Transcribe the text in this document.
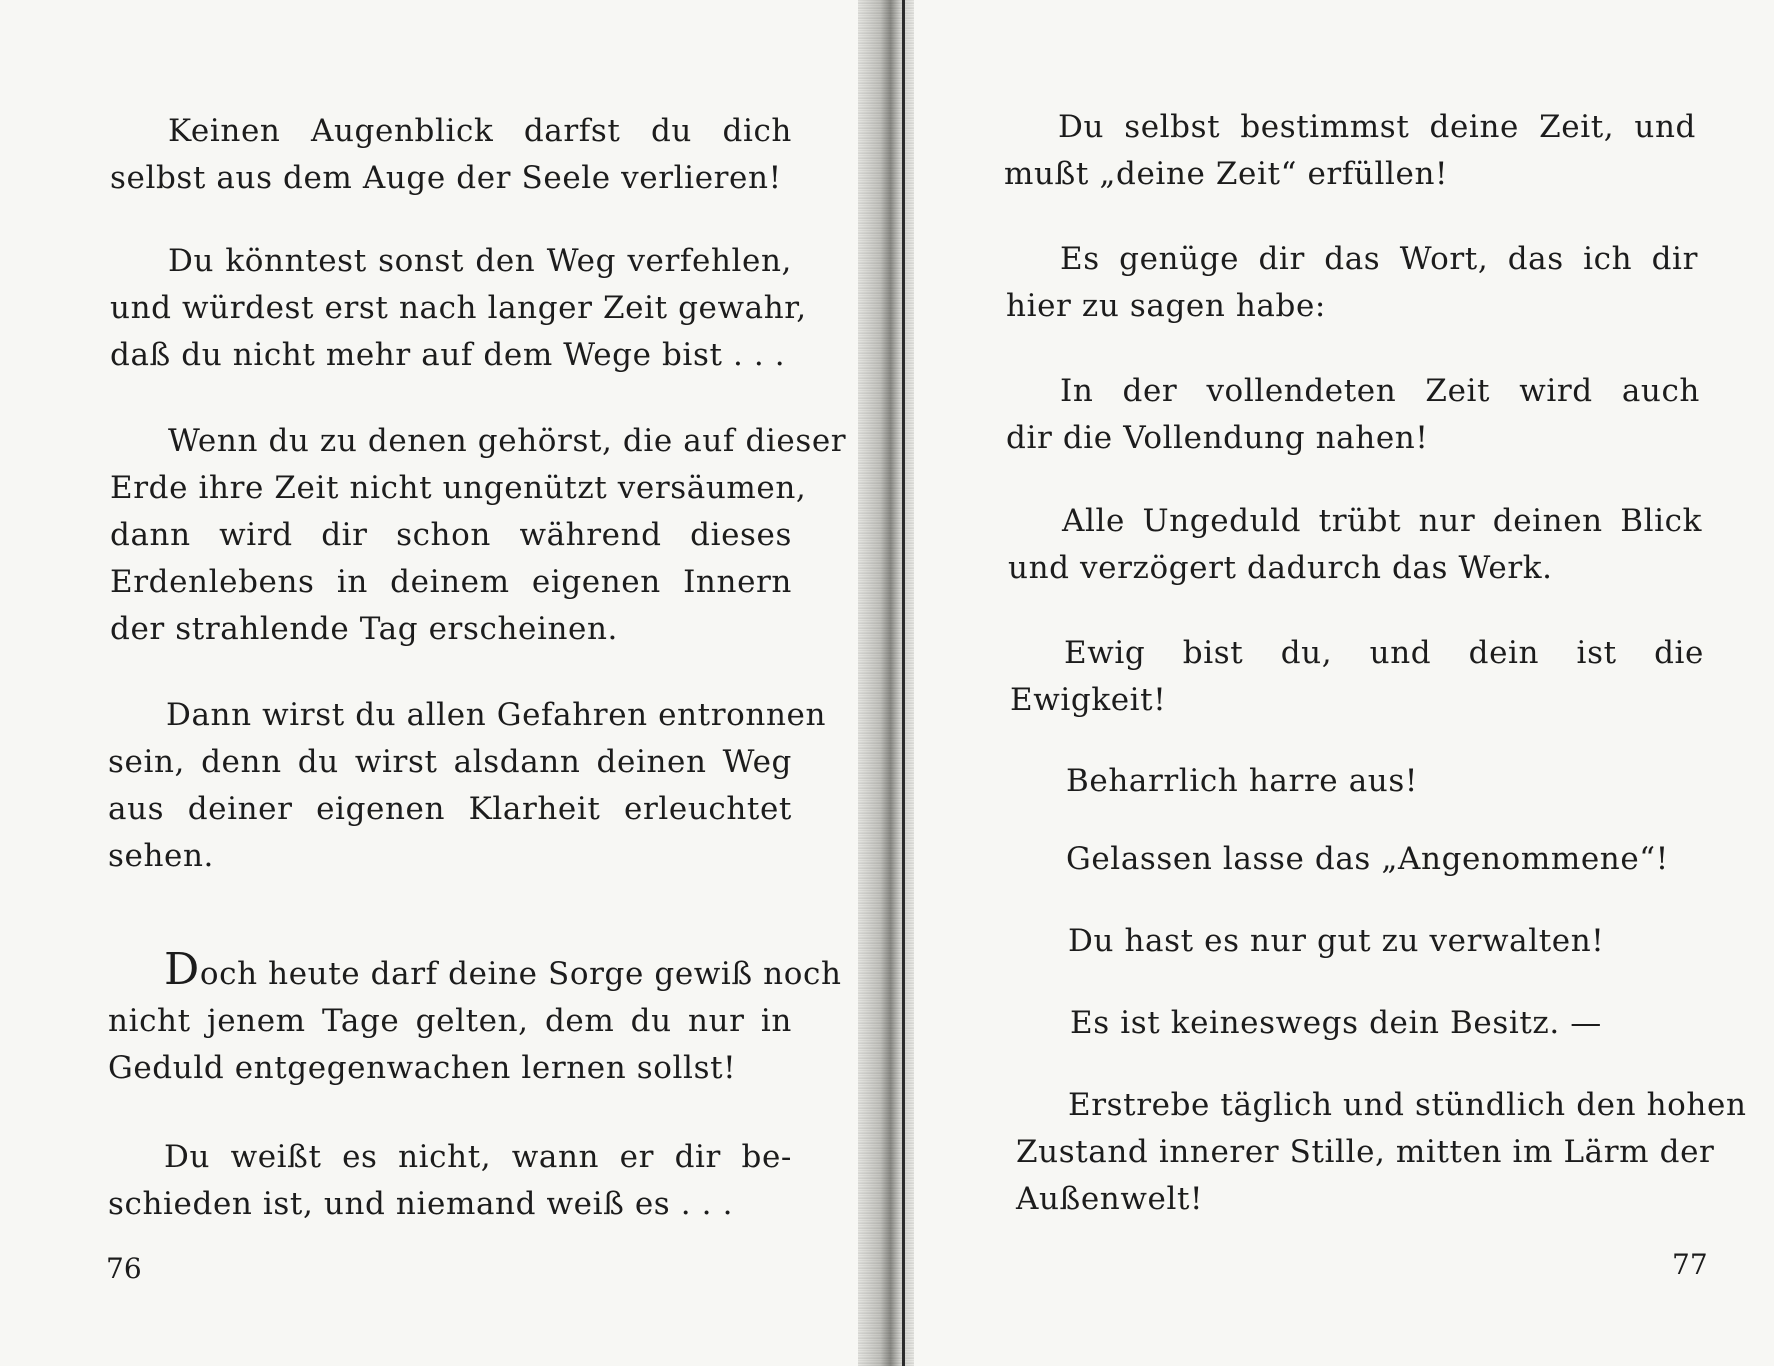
Keinen Augenblick darfst du dich
selbst aus dem Auge der Seele verlieren!

Du könntest sonst den Weg verfehlen,
und würdest erst nach langer Zeit gewahr,
daß du nicht mehr auf dem Wege bist . . .

Wenn du zu denen gehörst, die auf dieser
Erde ihre Zeit nicht ungenützt versäumen,
dann wird dir schon während dieses
Erdenlebens in deinem eigenen Innern
der strahlende Tag erscheinen.

Dann wirst du allen Gefahren entronnen
sein, denn du wirst alsdann deinen Weg
aus deiner eigenen Klarheit erleuchtet
sehen.

Doch heute darf deine Sorge gewiß noch
nicht jenem Tage gelten, dem du nur in
Geduld entgegenwachen lernen sollst!

Du weißt es nicht, wann er dir be-
schieden ist, und niemand weiß es . . .

76

Du selbst bestimmst deine Zeit, und
mußt „deine Zeit“ erfüllen!

Es genüge dir das Wort, das ich dir
hier zu sagen habe:

In der vollendeten Zeit wird auch
dir die Vollendung nahen!

Alle Ungeduld trübt nur deinen Blick
und verzögert dadurch das Werk.

Ewig bist du, und dein ist die
Ewigkeit!

Beharrlich harre aus!

Gelassen lasse das „Angenommene“!

Du hast es nur gut zu verwalten!

Es ist keineswegs dein Besitz. —

Erstrebe täglich und stündlich den hohen
Zustand innerer Stille, mitten im Lärm der
Außenwelt!

77
